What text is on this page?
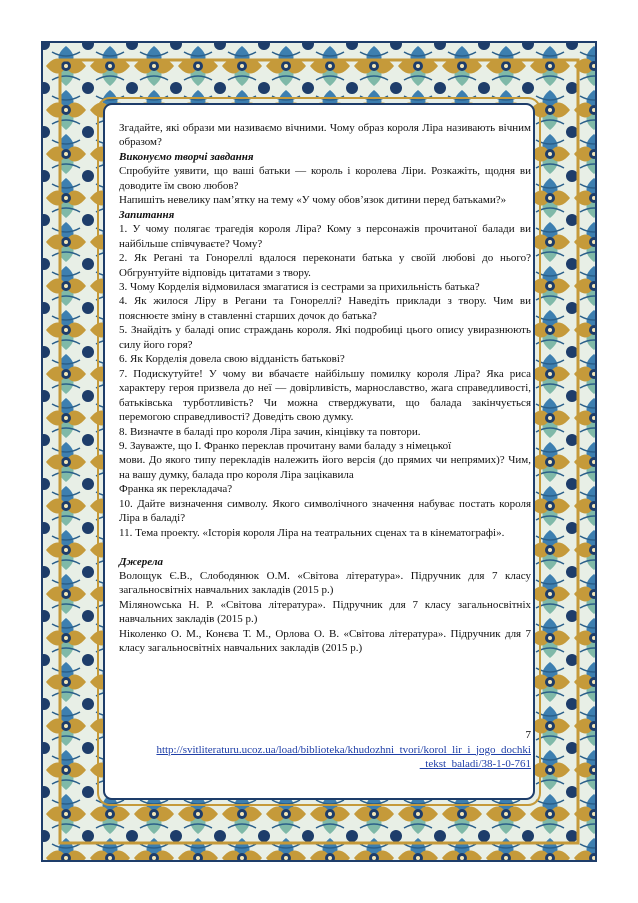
Згадайте, які образи ми називаємо вічними. Чому образ короля Ліра називають вічним образом?

Виконуємо творчі завдання

Спробуйте уявити, що ваші батьки — король і королева Ліри. Розкажіть, щодня ви доводите їм свою любов?

Напишіть невелику пам’ятку на тему «У чому обов’язок дитини перед батьками?»

Запитання

1. У чому полягає трагедія короля Ліра? Кому з персонажів прочитаної балади ви найбільше співчуваєте? Чому?

2. Як Регані та Гонореллі вдалося переконати батька у своїй любові до нього? Обгрунтуйте відповідь цитатами з твору.

3. Чому Корделія відмовилася змагатися із сестрами за прихильність батька?

4. Як жилося Ліру в Регани та Гонореллі? Наведіть приклади з твору. Чим ви пояснюєте зміну в ставленні старших дочок до батька?

5. Знайдіть у баладі опис страждань короля. Які подробиці цього опису увиразнюють силу його горя?

6. Як Корделія довела свою відданість батькові?

7. Подискутуйте! У чому ви вбачаєте найбільшу помилку короля Ліра? Яка риса характеру героя призвела до неї — довірливість, марнославство, жага справедливості, батьківська турботливість? Чи можна стверджувати, що балада закінчується перемогою справедливості? Доведіть свою думку.

8. Визначте в баладі про короля Ліра зачин, кінцівку та повтори.

9. Зауважте, що І. Франко переклав прочитану вами баладу з німецької

мови. До якого типу перекладів належить його версія (до прямих чи непрямих)? Чим, на вашу думку, балада про короля Ліра зацікавила

Франка як перекладача?

10. Дайте визначення символу. Якого символічного значення набуває постать короля Ліра в баладі?

11. Тема проекту. «Історія короля Ліра на театральних сценах та в кінематографі».

Джерела

Волощук Є.В., Слободянюк О.М. «Світова література». Підручник для 7 класу загальносвітніх навчальних закладів (2015 р.)

Мілянowська Н. Р. «Світова література». Підручник для 7 класу загальносвітніх навчальних закладів (2015 р.)

Ніколенко О. М., Конєва Т. М., Орлова О. В. «Світова література». Підручник для 7 класу загальносвітніх навчальних закладів (2015 р.)

7
http://svitliteraturu.ucoz.ua/load/biblioteka/khudozhni_tvori/korol_lir_i_jogo_dochki
_tekst_baladi/38-1-0-761
